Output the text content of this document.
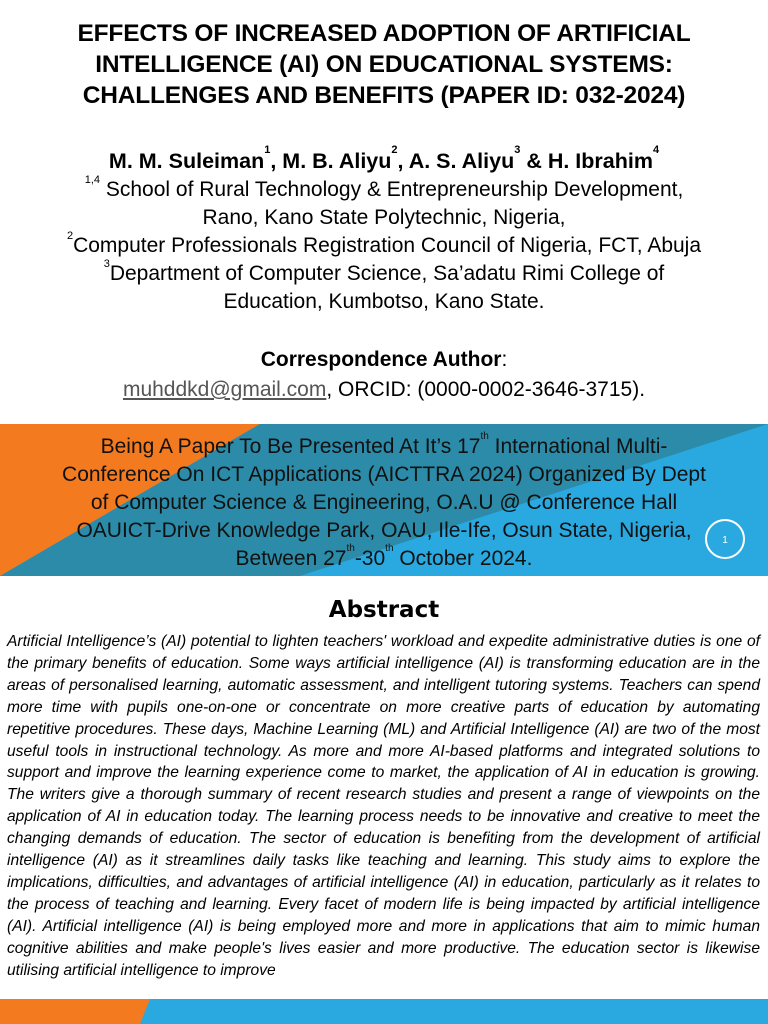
EFFECTS OF INCREASED ADOPTION OF ARTIFICIAL
INTELLIGENCE (AI) ON EDUCATIONAL SYSTEMS:
CHALLENGES AND BENEFITS (PAPER ID: 032-2024)
M. M. Suleiman$^1$, M. B. Aliyu$^2$, A. S. Aliyu$^3$ & H. Ibrahim$^4$
$^{1,4}$ School of Rural Technology & Entrepreneurship Development,
Rano, Kano State Polytechnic, Nigeria,
$^2$Computer Professionals Registration Council of Nigeria, FCT, Abuja
$^3$Department of Computer Science, Sa’adatu Rimi College of
Education, Kumbotso, Kano State.
Correspondence Author:
muhddkd@gmail.com, ORCID: (0000-0002-3646-3715).
Being A Paper To Be Presented At It’s 17th International Multi-
Conference On ICT Applications (AICTTRA 2024) Organized By Dept
of Computer Science & Engineering, O.A.U @ Conference Hall
OAUICT-Drive Knowledge Park, OAU, Ile-Ife, Osun State, Nigeria,
Between 27th-30th October 2024.
1
Abstract
Artificial Intelligence’s (AI) potential to lighten teachers' workload and expedite administrative duties is one of the primary benefits of education. Some ways artificial intelligence (AI) is transforming education are in the areas of personalised learning, automatic assessment, and intelligent tutoring systems. Teachers can spend more time with pupils one-on-one or concentrate on more creative parts of education by automating repetitive procedures. These days, Machine Learning (ML) and Artificial Intelligence (AI) are two of the most useful tools in instructional technology. As more and more AI-based platforms and integrated solutions to support and improve the learning experience come to market, the application of AI in education is growing. The writers give a thorough summary of recent research studies and present a range of viewpoints on the application of AI in education today. The learning process needs to be innovative and creative to meet the changing demands of education. The sector of education is benefiting from the development of artificial intelligence (AI) as it streamlines daily tasks like teaching and learning. This study aims to explore the implications, difficulties, and advantages of artificial intelligence (AI) in education, particularly as it relates to the process of teaching and learning. Every facet of modern life is being impacted by artificial intelligence (AI). Artificial intelligence (AI) is being employed more and more in applications that aim to mimic human cognitive abilities and make people's lives easier and more productive. The education sector is likewise utilising artificial intelligence to improve
